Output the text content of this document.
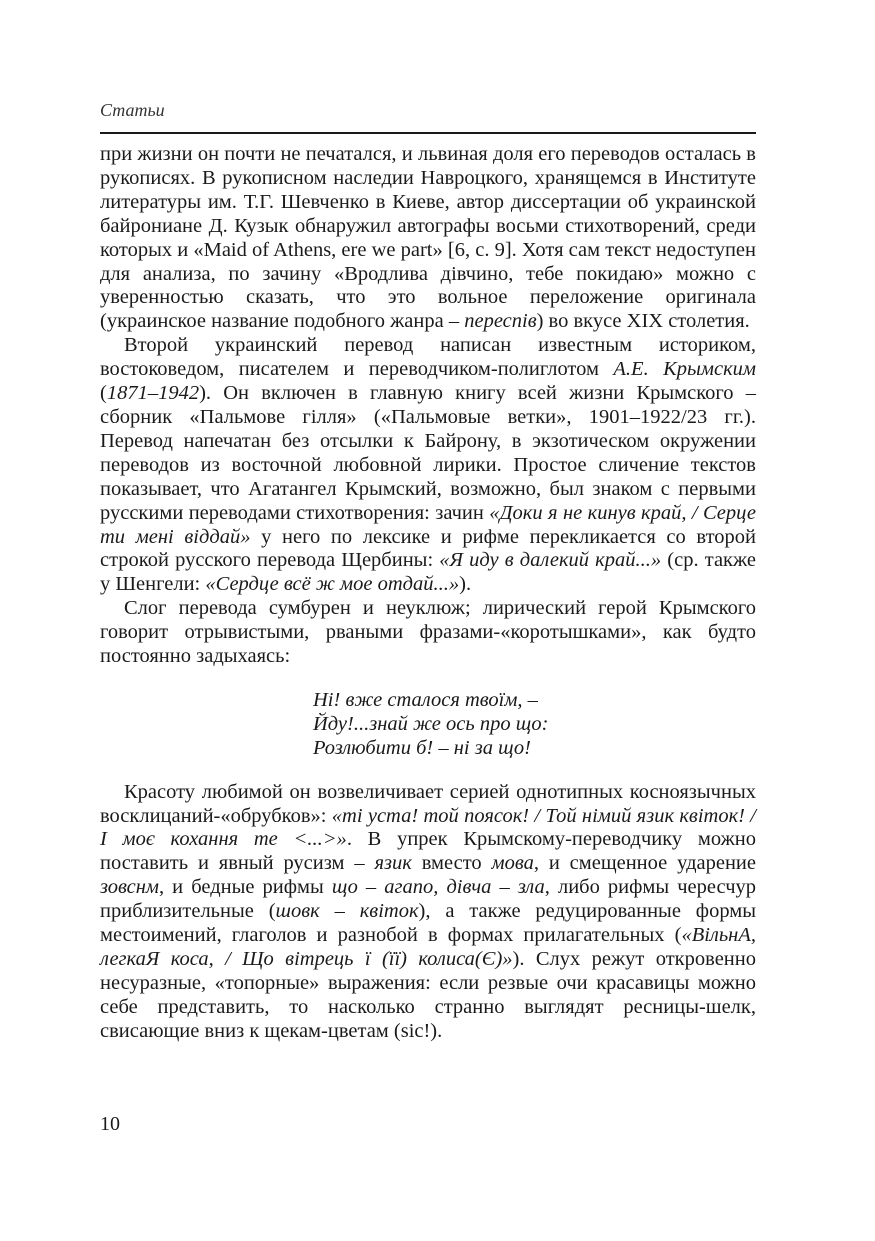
Статьи

при жизни он почти не печатался, и львиная доля его переводов осталась в рукописях. В рукописном наследии Навроцкого, хранящемся в Институте литературы им. Т.Г. Шевченко в Киеве, автор диссертации об украинской байрониане Д. Кузык обнаружил автографы восьми стихотворений, среди которых и «Maid of Athens, ere we part» [6, с. 9]. Хотя сам текст недоступен для анализа, по зачину «Вродлива дівчино, тебе покидаю» можно с уверенностью сказать, что это вольное переложение оригинала (украинское название подобного жанра – переспів) во вкусе XIX столетия.

Второй украинский перевод написан известным историком, востоковедом, писателем и переводчиком-полиглотом А.Е. Крымским (1871–1942). Он включен в главную книгу всей жизни Крымского – сборник «Пальмове гілля» («Пальмовые ветки», 1901–1922/23 гг.). Перевод напечатан без отсылки к Байрону, в экзотическом окружении переводов из восточной любовной лирики. Простое сличение текстов показывает, что Агатангел Крымский, возможно, был знаком с первыми русскими переводами стихотворения: зачин «Доки я не кинув край, / Серце ти мені віддай» у него по лексике и рифме перекликается со второй строкой русского перевода Щербины: «Я иду в далекий край...» (ср. также у Шенгели: «Сердце всё ж мое отдай...»).

Слог перевода сумбурен и неуклюж; лирический герой Крымского говорит отрывистыми, рваными фразами-«коротышками», как будто постоянно задыхаясь:

Ні! вже сталося твоїм, –
Йду!...знай же ось про що:
Розлюбити б! – ні за що!

Красоту любимой он возвеличивает серией однотипных косноязычных восклицаний-«обрубков»: «ті уста! той поясок! / Той німий язик квіток! / І моє кохання те <...>». В упрек Крымскому-переводчику можно поставить и явный русизм – язик вместо мова, и смещенное ударение зовснм, и бедные рифмы що – агапо, дівча – зла, либо рифмы чересчур приблизительные (шовк – квіток), а также редуцированные формы местоимений, глаголов и разнобой в формах прилагательных («ВільнА, легкаЯ коса, / Що вітрець ї (її) колиса(Є)»). Слух режут откровенно несуразные, «топорные» выражения: если резвые очи красавицы можно себе представить, то насколько странно выглядят ресницы-шелк, свисающие вниз к щекам-цветам (sic!).

10
